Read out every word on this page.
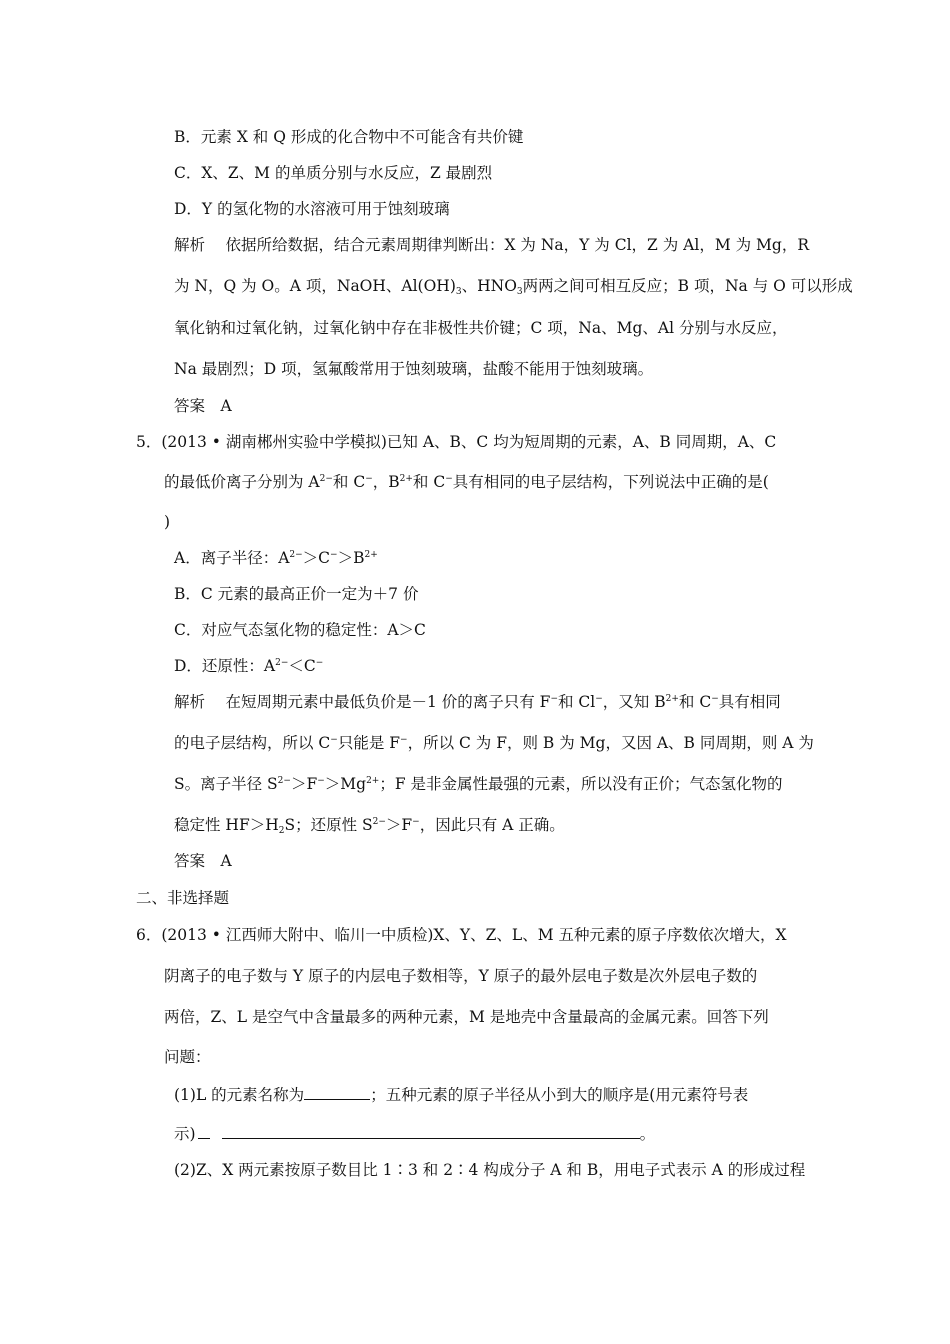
B．元素 X 和 Q 形成的化合物中不可能含有共价键
C．X、Z、M 的单质分别与水反应，Z 最剧烈
D．Y 的氢化物的水溶液可用于蚀刻玻璃
解析　 依据所给数据，结合元素周期律判断出：X 为 Na，Y 为 Cl，Z 为 Al，M 为 Mg，R
为 N，Q 为 O。A 项，NaOH、$Al(OH)_3$、$HNO_3$两两之间可相互反应；B 项，Na 与 O 可以形成
氧化钠和过氧化钠，过氧化钠中存在非极性共价键；C 项，Na、Mg、Al 分别与水反应，
Na 最剧烈；D 项，氢氟酸常用于蚀刻玻璃，盐酸不能用于蚀刻玻璃。
答案　A
5．(2013 • 湖南郴州实验中学模拟)已知 A、B、C 均为短周期的元素，A、B 同周期，A、C
的最低价离子分别为 $A^{2-}$和 C−，$B^{2+}$和 C−具有相同的电子层结构，下列说法中正确的是(
)
A．离子半径：$A^{2-}>C^->B^{2+}$
B．C 元素的最高正价一定为＋7 价
C．对应气态氢化物的稳定性：A＞C
D．还原性：$A^{2-}<C^-$
解析　 在短周期元素中最低负价是－1 价的离子只有 F−和 Cl−，又知 $B^{2+}$和 C−具有相同
的电子层结构，所以 C−只能是 F−，所以 C 为 F，则 B 为 Mg，又因 A、B 同周期，则 A 为
S。离子半径 $S^{2-}>F^->Mg^{2+}$；F 是非金属性最强的元素，所以没有正价；气态氢化物的
稳定性 $HF>H_2S$；还原性 $S^{2-}>F^-$，因此只有 A 正确。
答案　A
二、非选择题
6．(2013 • 江西师大附中、临川一中质检)X、Y、Z、L、M 五种元素的原子序数依次增大，X
阴离子的电子数与 Y 原子的内层电子数相等，Y 原子的最外层电子数是次外层电子数的
两倍，Z、L 是空气中含量最多的两种元素，M 是地壳中含量最高的金属元素。回答下列
问题：
(1)L 的元素名称为	；五种元素的原子半径从小到大的顺序是(用元素符号表
示)	。
(2)Z、X 两元素按原子数目比 1∶3 和 2∶4 构成分子 A 和 B，用电子式表示 A 的形成过程
